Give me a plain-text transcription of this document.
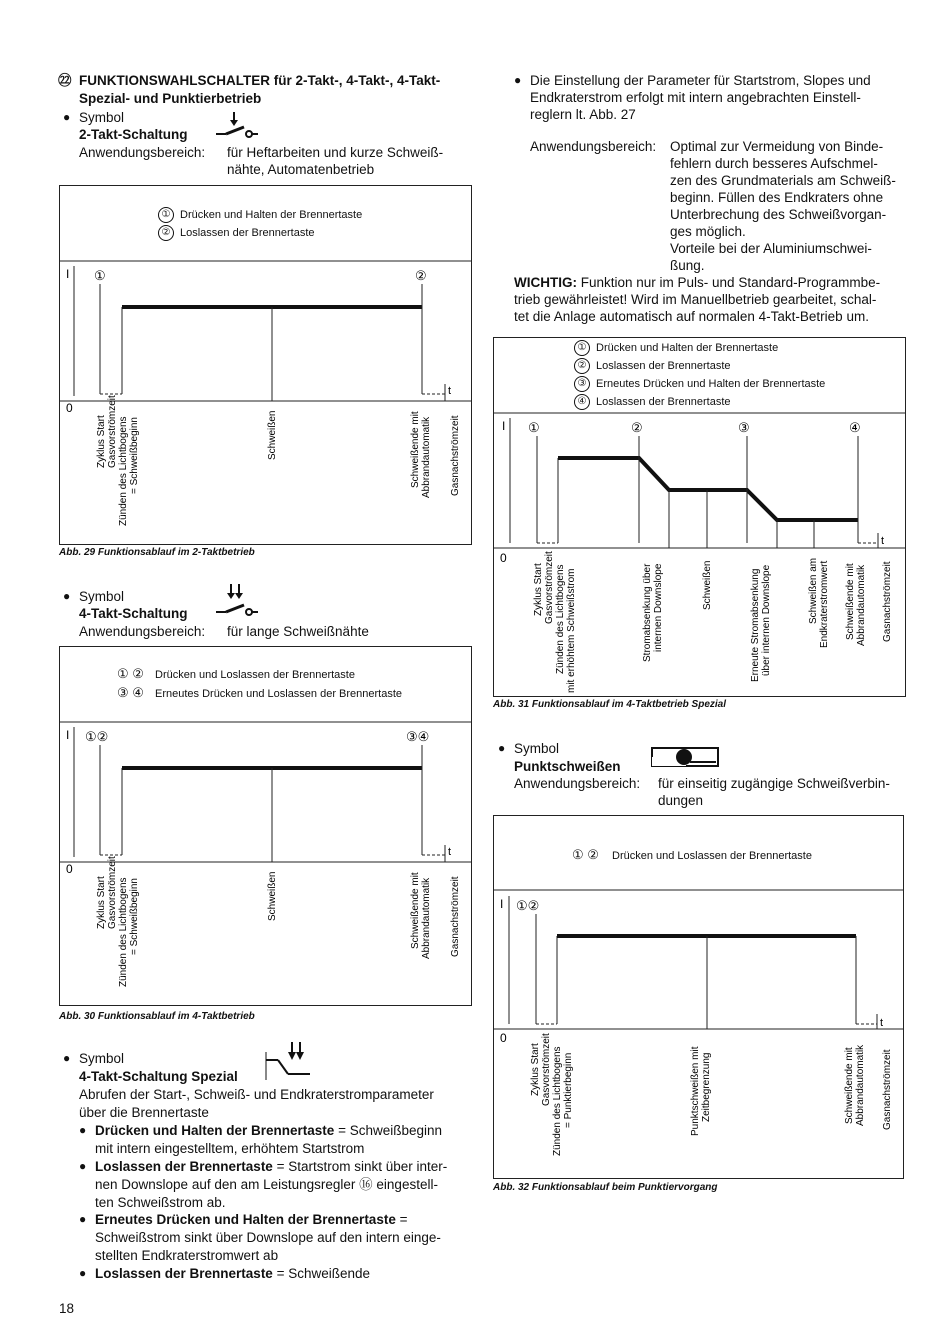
㉒ FUNKTIONSWAHLSCHALTER für 2-Takt-, 4-Takt-, 4-Takt-
Spezial- und Punktierbetrieb
● Symbol
2-Takt-Schaltung
Anwendungsbereich: für Heftarbeiten und kurze Schweiß-
nähte, Automatenbetrieb
① Drücken und Halten der Brennertaste
② Loslassen der Brennertaste
I
0
①	②
t
Zyklus Start Gasvorströmzeit Zünden des Lichtbogens = Schweißbeginn	Schweißen	Schweißende mit Abbrandautomatik Gasnachströmzeit
Abb. 29 Funktionsablauf im 2-Taktbetrieb
● Symbol
4-Takt-Schaltung
Anwendungsbereich: für lange Schweißnähte
① ② Drücken und Loslassen der Brennertaste
③ ④ Erneutes Drücken und Loslassen der Brennertaste
I
0
①②	③④
t
Zyklus Start Gasvorströmzeit Zünden des Lichtbogens = Schweißbeginn	Schweißen	Schweißende mit Abbrandautomatik Gasnachströmzeit
Abb. 30 Funktionsablauf im 4-Taktbetrieb
● Symbol
4-Takt-Schaltung Spezial
Abrufen der Start-, Schweiß- und Endkraterstromparameter
über die Brennertaste
Drücken und Halten der Brennertaste = Schweißbeginn
mit intern eingestelltem, erhöhtem Startstrom
Loslassen der Brennertaste = Startstrom sinkt über inter-
nen Downslope auf den am Leistungsregler ⑯ eingestell-
ten Schweißstrom ab.
Erneutes Drücken und Halten der Brennertaste =
Schweißstrom sinkt über Downslope auf den intern einge-
stellten Endkraterstromwert ab
Loslassen der Brennertaste = Schweißende
18
● Die Einstellung der Parameter für Startstrom, Slopes und
Endkraterstrom erfolgt mit intern angebrachten Einstell-
reglern lt. Abb. 27
Anwendungsbereich: Optimal zur Vermeidung von Binde-
fehlern durch besseres Aufschmel-
zen des Grundmaterials am Schweiß-
beginn. Füllen des Endkraters ohne
Unterbrechung des Schweißvorgan-
ges möglich.
Vorteile bei der Aluminiumschwei-
ßung.
WICHTIG: Funktion nur im Puls- und Standard-Programmbe-
trieb gewährleistet! Wird im Manuellbetrieb gearbeitet, schal-
tet die Anlage automatisch auf normalen 4-Takt-Betrieb um.
① Drücken und Halten der Brennertaste
② Loslassen der Brennertaste
③ Erneutes Drücken und Halten der Brennertaste
④ Loslassen der Brennertaste
I
0
①	②	③	④
t
Zyklus Start Gasvorströmzeit Zünden des Lichtbogens mit erhöhtem Schweißstrom	Stromabsenkung über internen Downslope	Schweißen	Erneute Stromabsenkung über internen Downslope	Schweißen am Endkraterstromwert Schweißende mit Abbrandautomatik Gasnachströmzeit
Abb. 31 Funktionsablauf im 4-Taktbetrieb Spezial
● Symbol
Punktschweißen
Anwendungsbereich: für einseitig zugängige Schweißverbin-
dungen
① ② Drücken und Loslassen der Brennertaste
I
0
①②
t
Zyklus Start Gasvorströmzeit Zünden des Lichtbogens = Punktierbeginn	Punktschweißen mit Zeitbegrenzung	Schweißende mit Abbrandautomatik Gasnachströmzeit
Abb. 32 Funktionsablauf beim Punktiervorgang
